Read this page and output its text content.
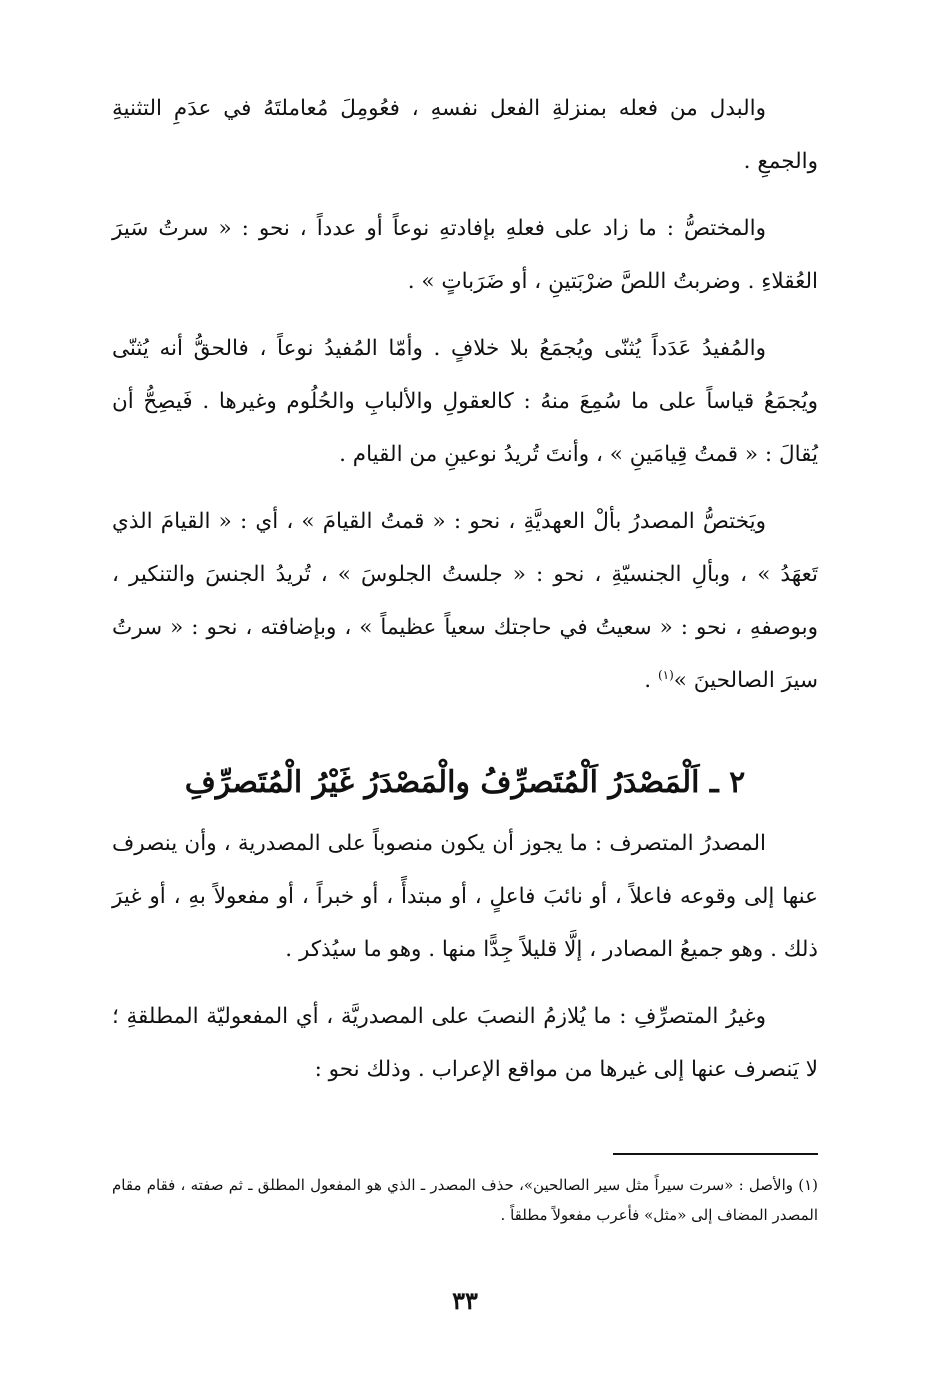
والبدل من فعله بمنزلةِ الفعل نفسهِ ، فعُومِلَ مُعاملتَهُ في عدَمِ التثنيةِ والجمعِ .

والمختصُّ : ما زاد على فعلهِ بإفادتهِ نوعاً أو عدداً ، نحو : « سرتُ سَيرَ العُقلاءِ . وضربتُ اللصَّ ضرْبَتينِ ، أو ضَرَباتٍ » .

والمُفيدُ عَدَداً يُثنّى ويُجمَعُ بلا خلافٍ . وأمّا المُفيدُ نوعاً ، فالحقُّ أنه يُثنّى ويُجمَعُ قياساً على ما سُمِعَ منهُ : كالعقولِ والألبابِ والحُلُوم وغيرها . فَيصِحُّ أن يُقالَ : « قمتُ قِيامَينِ » ، وأنتَ تُريدُ نوعينِ من القيام .

ويَختصُّ المصدرُ بألْ العهديَّةِ ، نحو : « قمتُ القيامَ » ، أي : « القيامَ الذي تَعهَدُ » ، وبألِ الجنسيّةِ ، نحو : « جلستُ الجلوسَ » ، تُريدُ الجنسَ والتنكير ، وبوصفهِ ، نحو : « سعيتُ في حاجتك سعياً عظيماً » ، وبإضافته ، نحو : « سرتُ سيرَ الصالحينَ »$^{(١)}$ .

٢ ـ اَلْمَصْدَرُ اَلْمُتَصرِّفُ والْمَصْدَرُ غَيْرُ الْمُتَصرِّفِ

المصدرُ المتصرف : ما يجوز أن يكون منصوباً على المصدرية ، وأن ينصرف عنها إلى وقوعه فاعلاً ، أو نائبَ فاعلٍ ، أو مبتدأً ، أو خبراً ، أو مفعولاً بهِ ، أو غيرَ ذلك . وهو جميعُ المصادر ، إلَّا قليلاً جِدًّا منها . وهو ما سيُذكر .

وغيرُ المتصرِّفِ : ما يُلازمُ النصبَ على المصدريَّة ، أي المفعوليّة المطلقةِ ؛ لا يَنصرف عنها إلى غيرها من مواقع الإعراب . وذلك نحو :

(١) والأصل : «سرت سيراً مثل سير الصالحين»، حذف المصدر ـ الذي هو المفعول المطلق ـ ثم صفته ، فقام مقام المصدر المضاف إلى «مثل» فأعرب مفعولاً مطلقاً .
٣٣
